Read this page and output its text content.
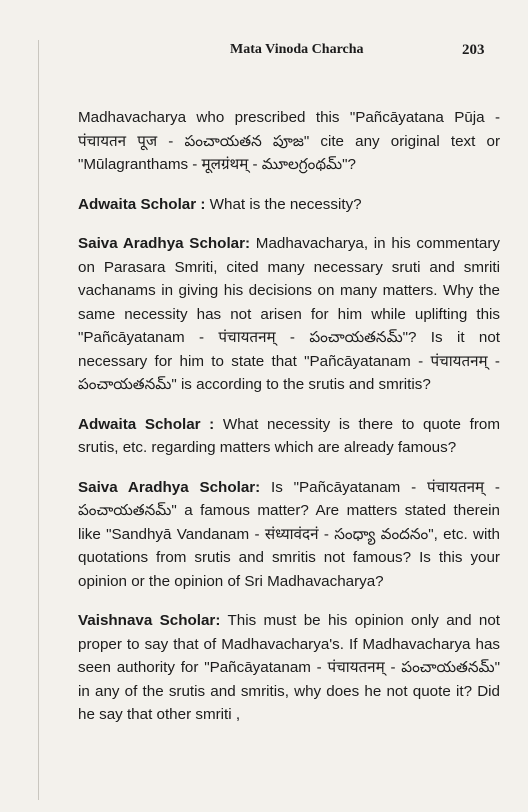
Mata Vinoda Charcha	203

Madhavacharya who prescribed this "Pañcāyatana Pūja - पंचायतन पूज - పంచాయతన పూజ" cite any original text or "Mūlagranthams - मूलग्रंथम् - మూలగ్రంథమ్"?

Adwaita Scholar : What is the necessity?

Saiva Aradhya Scholar: Madhavacharya, in his commentary on Parasara Smriti, cited many necessary sruti and smriti vachanams in giving his decisions on many matters. Why the same necessity has not arisen for him while uplifting this "Pañcāyatanam - पंचायतनम् - పంచాయతనమ్"? Is it not necessary for him to state that "Pañcāyatanam - पंचायतनम् - పంచాయతనమ్" is according to the srutis and smritis?

Adwaita Scholar : What necessity is there to quote from srutis, etc. regarding matters which are already famous?

Saiva Aradhya Scholar: Is "Pañcāyatanam - पंचायतनम् - పంచాయతనమ్" a famous matter? Are matters stated therein like "Sandhyā Vandanam - संध्यावंदनं - సంధ్యా వందనం", etc. with quotations from srutis and smritis not famous? Is this your opinion or the opinion of Sri Madhavacharya?

Vaishnava Scholar: This must be his opinion only and not proper to say that of Madhavacharya's. If Madhavacharya has seen authority for "Pañcāyatanam - पंचायतनम् - పంచాయతనమ్" in any of the srutis and smritis, why does he not quote it? Did he say that other smriti ,
